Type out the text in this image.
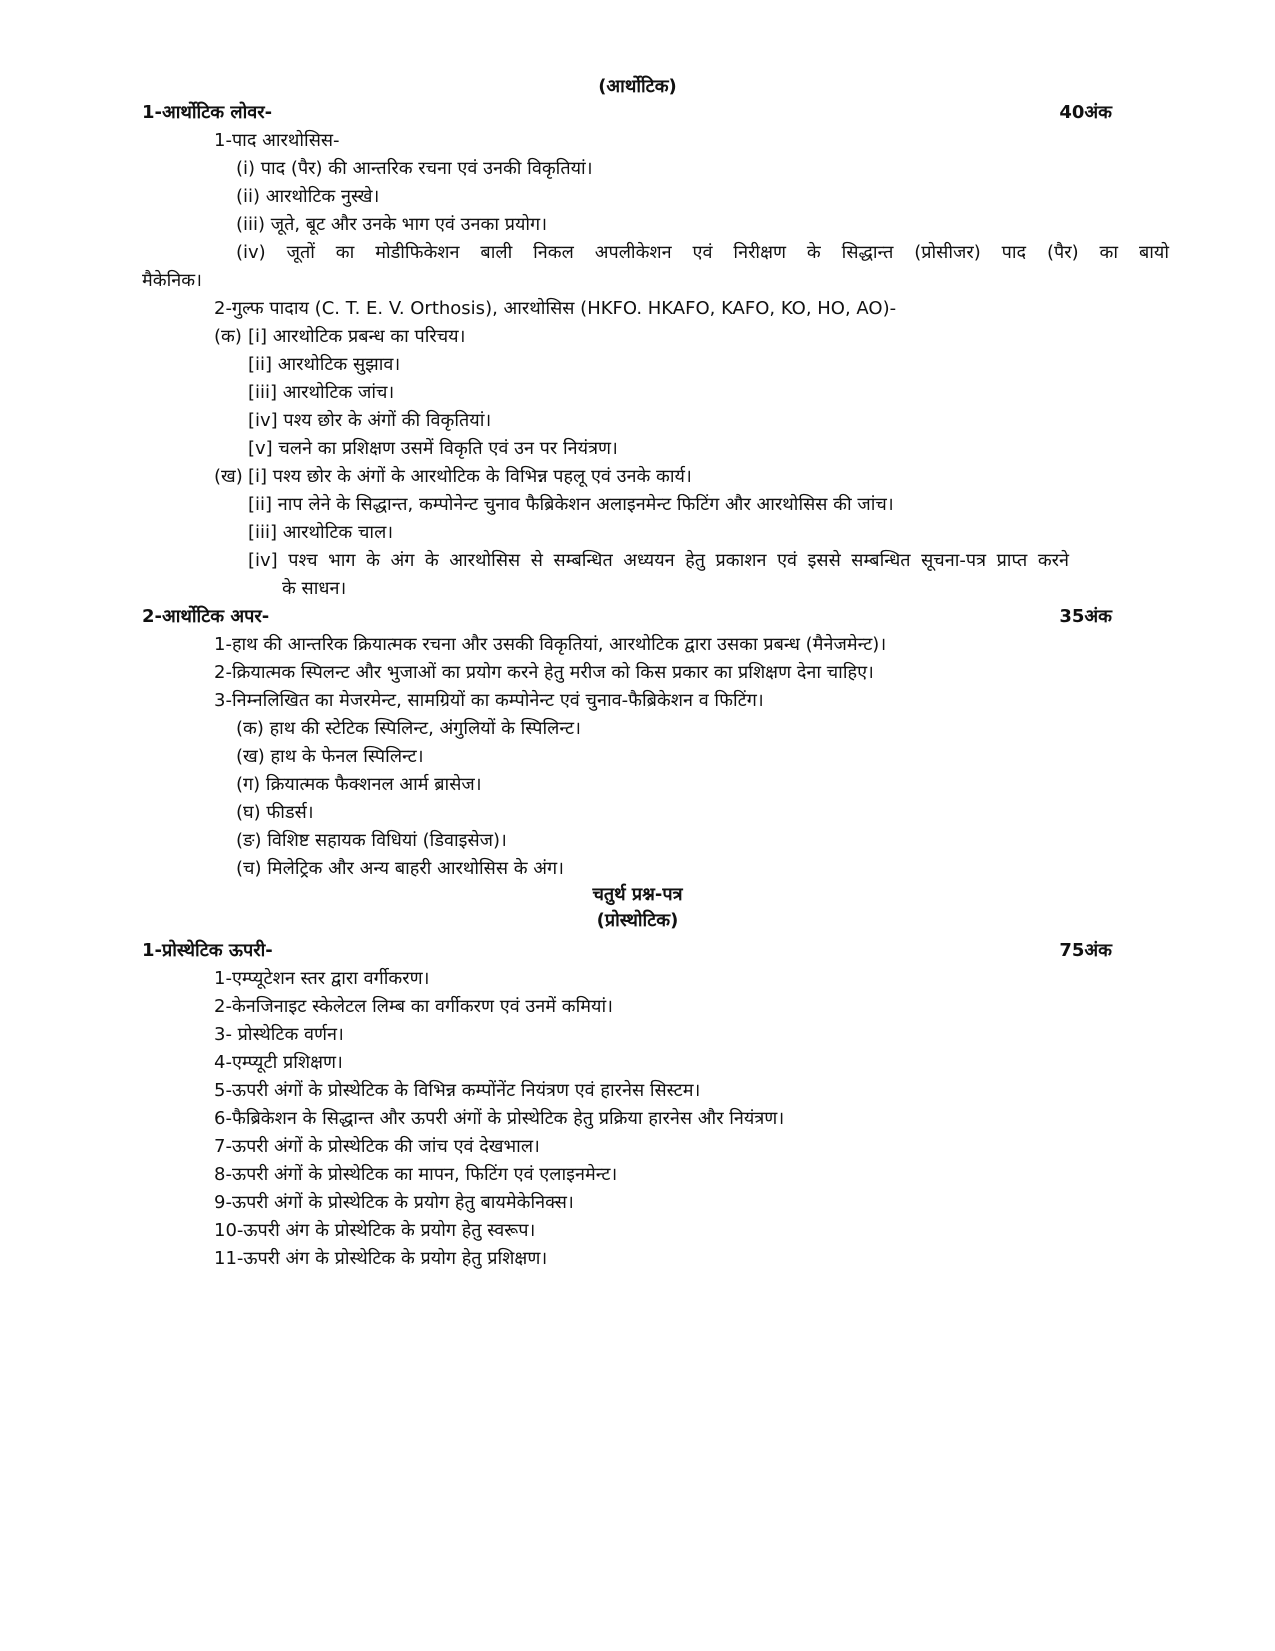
(आर्थोटिक)
1-आर्थोटिक लोवर-	40अंक
1-पाद आरथोसिस-
(i) पाद (पैर) की आन्तरिक रचना एवं उनकी विकृतियां।
(ii) आरथोटिक नुस्खे।
(iii) जूते, बूट और उनके भाग एवं उनका प्रयोग।
(iv) जूतों का मोडीफिकेशन बाली निकल अपलीकेशन एवं निरीक्षण के सिद्धान्त (प्रोसीजर) पाद (पैर) का बायो
मैकेनिक।
2-गुल्फ पादाय (C. T. E. V. Orthosis), आरथोसिस (HKFO. HKAFO, KAFO, KO, HO, AO)-
(क) [i] आरथोटिक प्रबन्ध का परिचय।
[ii] आरथोटिक सुझाव।
[iii] आरथोटिक जांच।
[iv] पश्य छोर के अंगों की विकृतियां।
[v] चलने का प्रशिक्षण उसमें विकृति एवं उन पर नियंत्रण।
(ख) [i] पश्य छोर के अंगों के आरथोटिक के विभिन्न पहलू एवं उनके कार्य।
[ii] नाप लेने के सिद्धान्त, कम्पोनेन्ट चुनाव फैब्रिकेशन अलाइनमेन्ट फिटिंग और आरथोसिस की जांच।
[iii] आरथोटिक चाल।
[iv] पश्च भाग के अंग के आरथोसिस से सम्बन्धित अध्ययन हेतु प्रकाशन एवं इससे सम्बन्धित सूचना-पत्र प्राप्त करने
के साधन।
2-आर्थोटिक अपर-	35अंक
1-हाथ की आन्तरिक क्रियात्मक रचना और उसकी विकृतियां, आरथोटिक द्वारा उसका प्रबन्ध (मैनेजमेन्ट)।
2-क्रियात्मक स्पिलन्ट और भुजाओं का प्रयोग करने हेतु मरीज को किस प्रकार का प्रशिक्षण देना चाहिए।
3-निम्नलिखित का मेजरमेन्ट, सामग्रियों का कम्पोनेन्ट एवं चुनाव-फैब्रिकेशन व फिटिंग।
(क) हाथ की स्टेटिक स्पिलिन्ट, अंगुलियों के स्पिलिन्ट।
(ख) हाथ के फेनल स्पिलिन्ट।
(ग) क्रियात्मक फैक्शनल आर्म ब्रासेज।
(घ) फीडर्स।
(ङ) विशिष्ट सहायक विधियां (डिवाइसेज)।
(च) मिलेट्रिक और अन्य बाहरी आरथोसिस के अंग।
चतुर्थ प्रश्न-पत्र
(प्रोस्थोटिक)
1-प्रोस्थेटिक ऊपरी-	75अंक
1-एम्प्यूटेशन स्तर द्वारा वर्गीकरण।
2-केनजिनाइट स्केलेटल लिम्ब का वर्गीकरण एवं उनमें कमियां।
3- प्रोस्थेटिक वर्णन।
4-एम्प्यूटी प्रशिक्षण।
5-ऊपरी अंगों के प्रोस्थेटिक के विभिन्न कम्पोंनेंट नियंत्रण एवं हारनेस सिस्टम।
6-फैब्रिकेशन के सिद्धान्त और ऊपरी अंगों के प्रोस्थेटिक हेतु प्रक्रिया हारनेस और नियंत्रण।
7-ऊपरी अंगों के प्रोस्थेटिक की जांच एवं देखभाल।
8-ऊपरी अंगों के प्रोस्थेटिक का मापन, फिटिंग एवं एलाइनमेन्ट।
9-ऊपरी अंगों के प्रोस्थेटिक के प्रयोग हेतु बायमेकेनिक्स।
10-ऊपरी अंग के प्रोस्थेटिक के प्रयोग हेतु स्वरूप।
11-ऊपरी अंग के प्रोस्थेटिक के प्रयोग हेतु प्रशिक्षण।
